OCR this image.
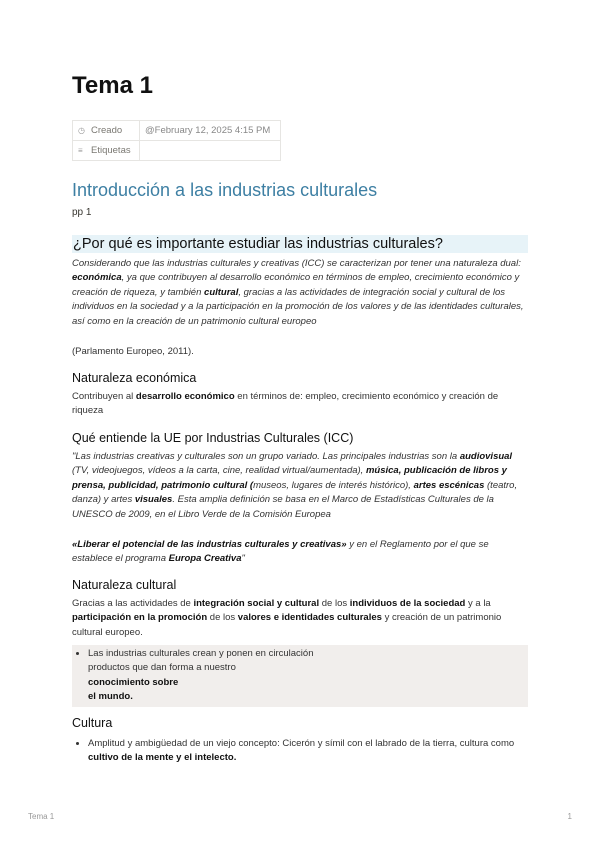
Tema 1
◷ Creado	@February 12, 2025 4:15 PM
≡ Etiquetas	
Introducción a las industrias culturales
pp 1
¿Por qué es importante estudiar las industrias culturales?
Considerando que las industrias culturales y creativas (ICC) se caracterizan por tener una naturaleza dual: económica, ya que contribuyen al desarrollo económico en términos de empleo, crecimiento económico y creación de riqueza, y también cultural, gracias a las actividades de integración social y cultural de los individuos en la sociedad y a la participación en la promoción de los valores y de las identidades culturales, así como en la creación de un patrimonio cultural europeo
(Parlamento Europeo, 2011).
Naturaleza económica
Contribuyen al desarrollo económico en términos de: empleo, crecimiento económico y creación de riqueza
Qué entiende la UE por Industrias Culturales (ICC)
"Las industrias creativas y culturales son un grupo variado. Las principales industrias son la audiovisual (TV, videojuegos, vídeos a la carta, cine, realidad virtual/aumentada), música, publicación de libros y prensa, publicidad, patrimonio cultural (museos, lugares de interés histórico), artes escénicas (teatro, danza) y artes visuales. Esta amplia definición se basa en el Marco de Estadísticas Culturales de la UNESCO de 2009, en el Libro Verde de la Comisión Europea
«Liberar el potencial de las industrias culturales y creativas» y en el Reglamento por el que se establece el programa Europa Creativa"
Naturaleza cultural
Gracias a las actividades de integración social y cultural de los individuos de la sociedad y a la participación en la promoción de los valores e identidades culturales y creación de un patrimonio cultural europeo.
• Las industrias culturales crean y ponen en circulación
productos que dan forma a nuestro
conocimiento sobre
el mundo.
Cultura
• Amplitud y ambigüedad de un viejo concepto: Cicerón y símil con el labrado de la tierra, cultura como cultivo de la mente y el intelecto.
Tema 1	1
